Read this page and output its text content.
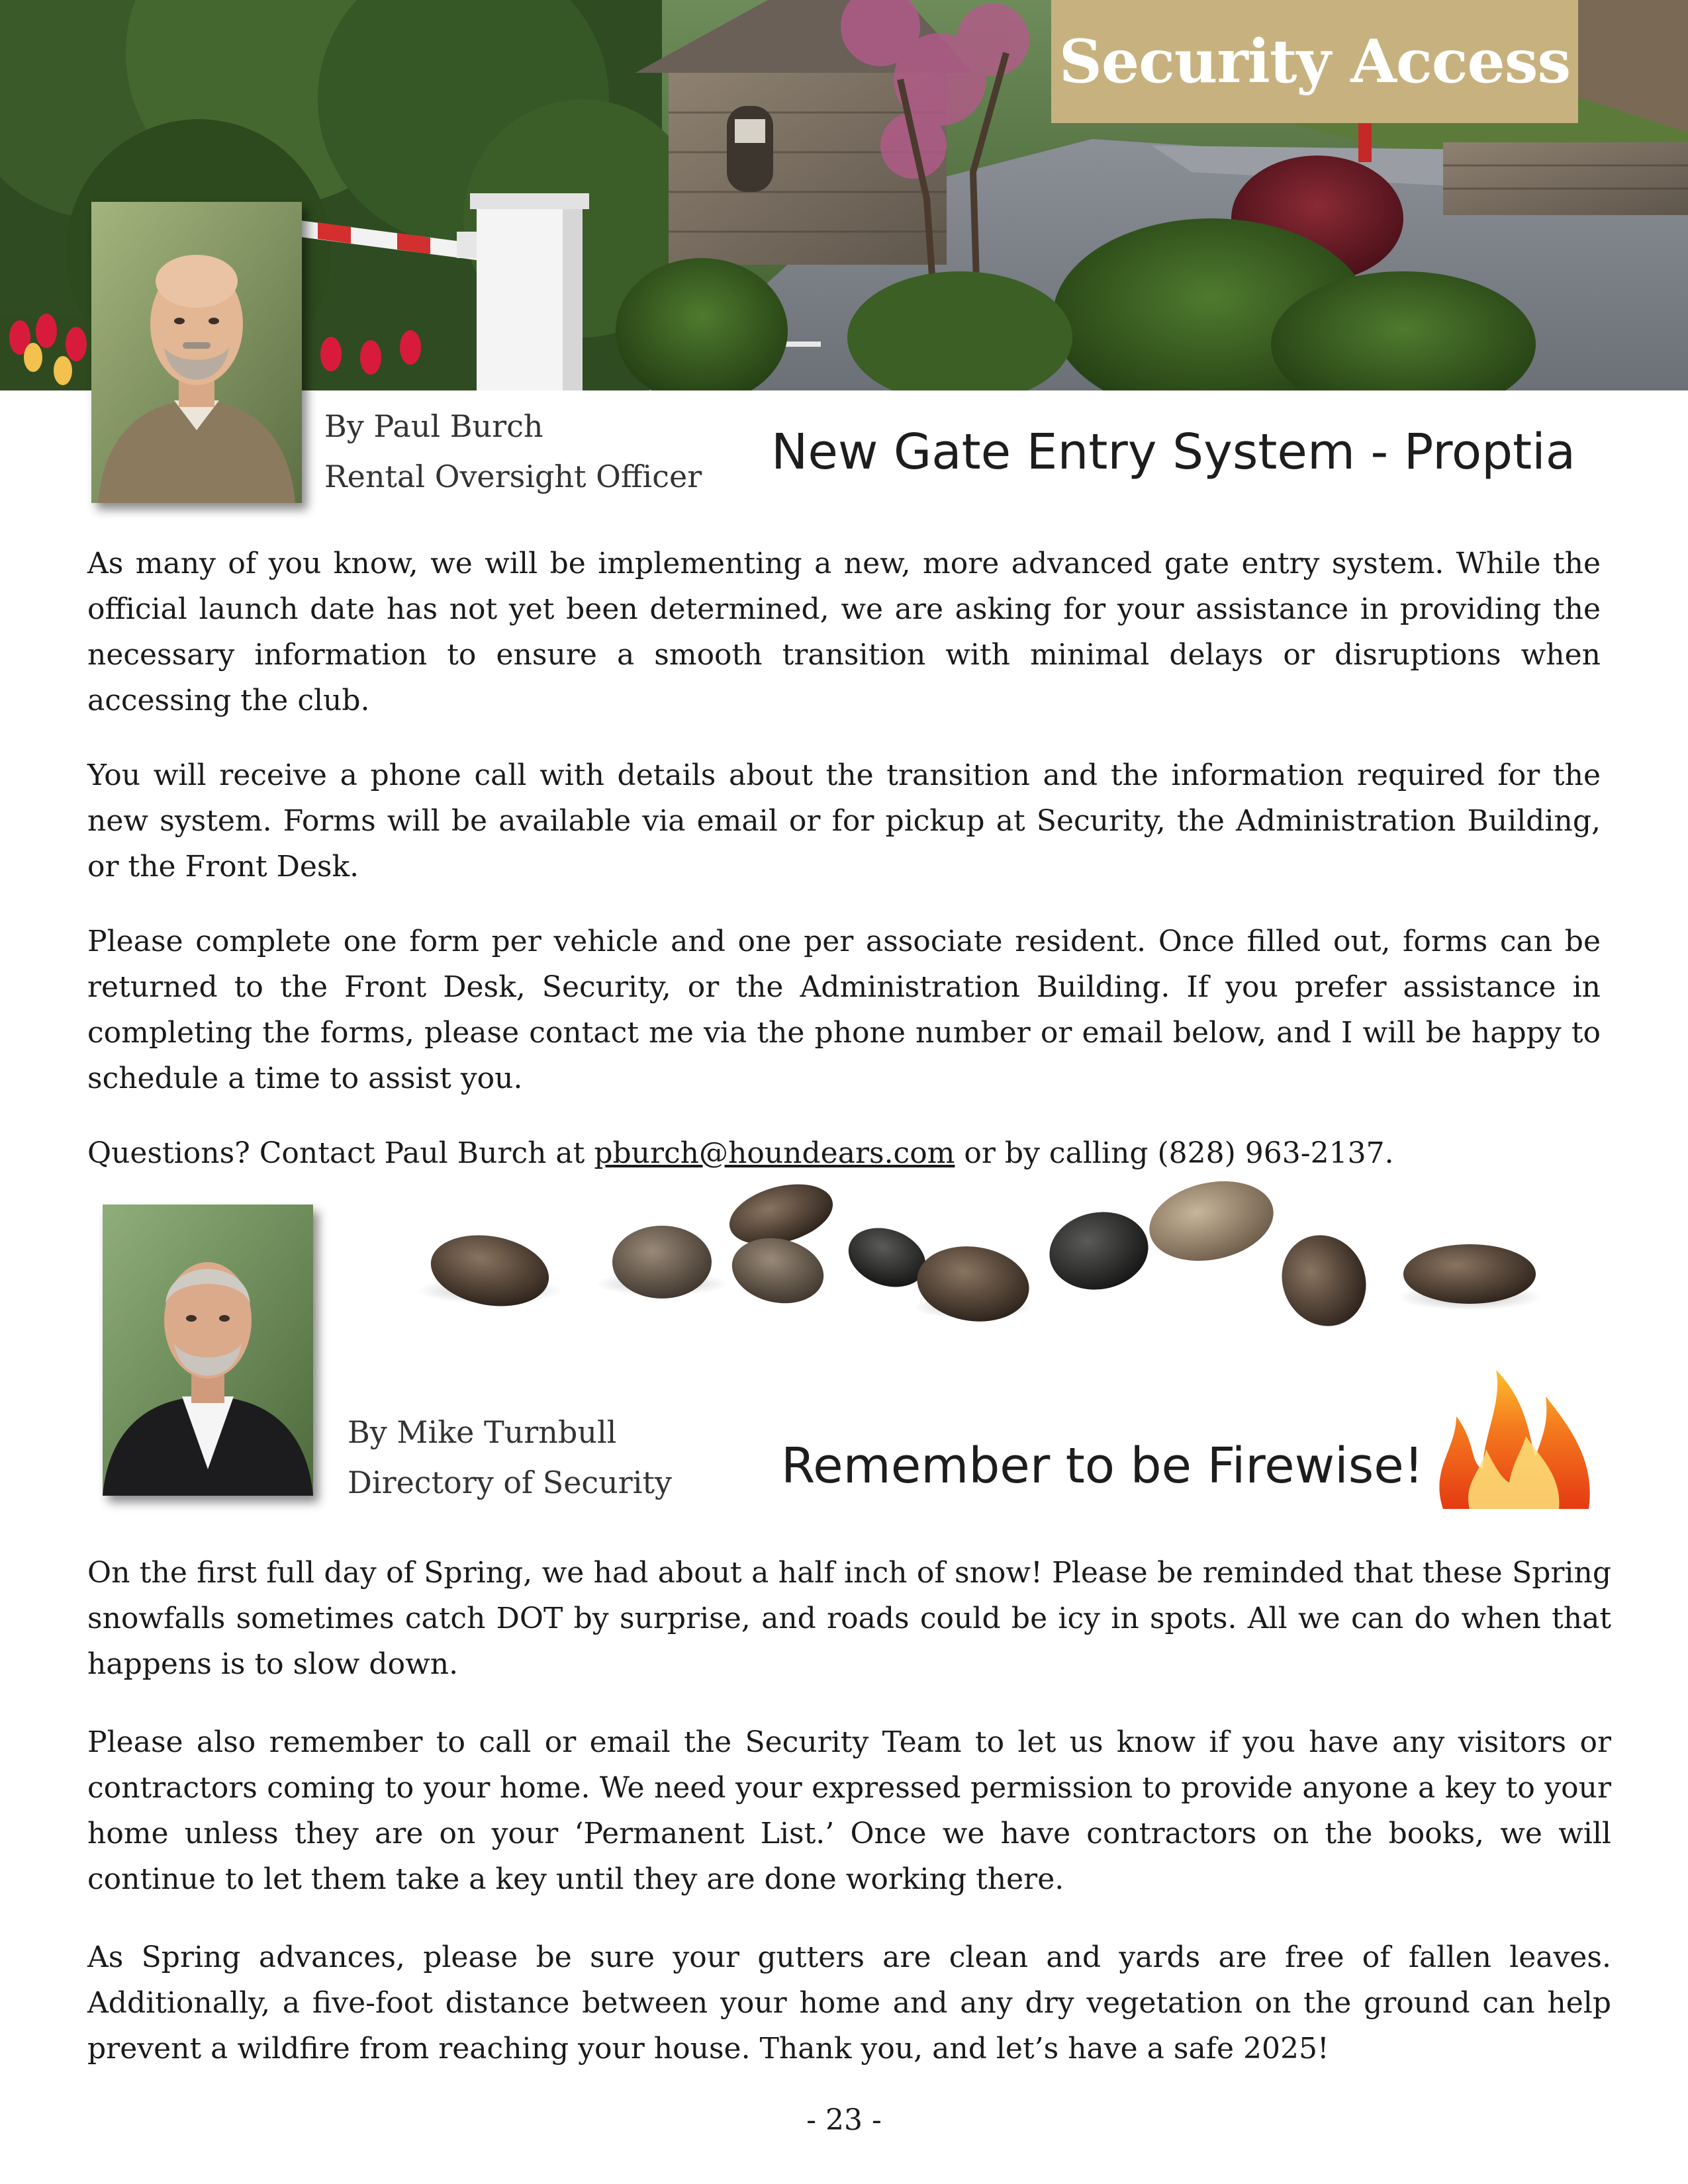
Security Access
By Paul Burch
Rental Oversight Officer	New Gate Entry System - Proptia

As many of you know, we will be implementing a new, more advanced gate entry system. While the official launch date has not yet been determined, we are asking for your assistance in providing the necessary information to ensure a smooth transition with minimal delays or disruptions when accessing the club.

You will receive a phone call with details about the transition and the information required for the new system. Forms will be available via email or for pickup at Security, the Administration Building, or the Front Desk.

Please complete one form per vehicle and one per associate resident. Once filled out, forms can be returned to the Front Desk, Security, or the Administration Building. If you prefer assistance in completing the forms, please contact me via the phone number or email below, and I will be happy to schedule a time to assist you.

Questions? Contact Paul Burch at pburch@houndears.com or by calling (828) 963-2137.

By Mike Turnbull
Directory of Security	Remember to be Firewise!

On the first full day of Spring, we had about a half inch of snow! Please be reminded that these Spring snowfalls sometimes catch DOT by surprise, and roads could be icy in spots. All we can do when that happens is to slow down.

Please also remember to call or email the Security Team to let us know if you have any visitors or contractors coming to your home. We need your expressed permission to provide anyone a key to your home unless they are on your ‘Permanent List.’ Once we have contractors on the books, we will continue to let them take a key until they are done working there.

As Spring advances, please be sure your gutters are clean and yards are free of fallen leaves. Additionally, a five-foot distance between your home and any dry vegetation on the ground can help prevent a wildfire from reaching your house. Thank you, and let’s have a safe 2025!

- 23 -
